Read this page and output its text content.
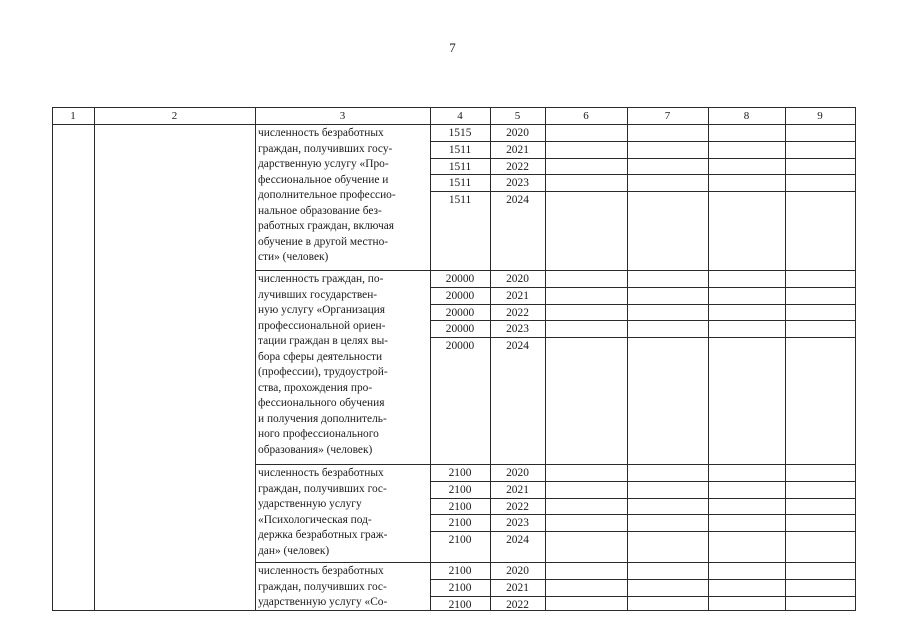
7
1	2	3	4	5	6	7	8	9
численность безработных
граждан, получивших госу-
дарственную услугу «Про-
фессиональное обучение и
дополнительное профессио-
нальное образование без-
работных граждан, включая
обучение в другой местно-
сти» (человек)
1515	2020
1511	2021
1511	2022
1511	2023
1511	2024
численность граждан, по-
лучивших государствен-
ную услугу «Организация
профессиональной ориен-
тации граждан в целях вы-
бора сферы деятельности
(профессии), трудоустрой-
ства, прохождения про-
фессионального обучения
и получения дополнитель-
ного профессионального
образования» (человек)
20000	2020
20000	2021
20000	2022
20000	2023
20000	2024
численность безработных
граждан, получивших гос-
ударственную услугу
«Психологическая под-
держка безработных граж-
дан» (человек)
2100	2020
2100	2021
2100	2022
2100	2023
2100	2024
численность безработных
граждан, получивших гос-
ударственную услугу «Со-
2100	2020
2100	2021
2100	2022
